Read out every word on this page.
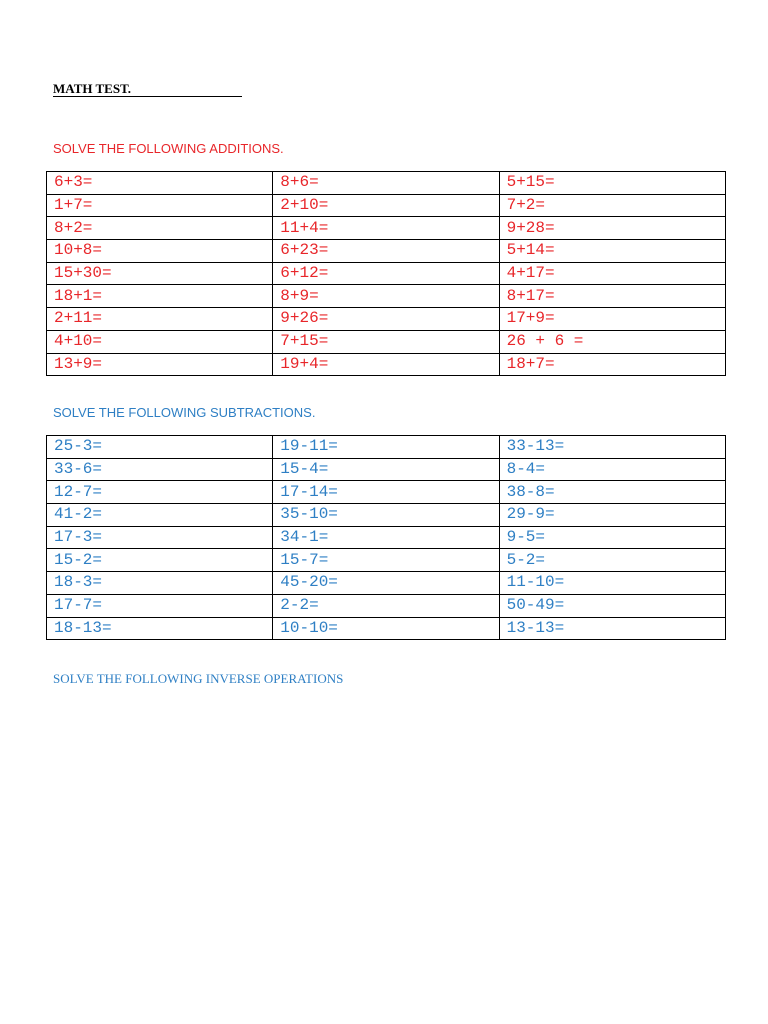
MATH TEST.
SOLVE THE FOLLOWING ADDITIONS.
6+3=	8+6=	5+15=
1+7=	2+10=	7+2=
8+2=	11+4=	9+28=
10+8=	6+23=	5+14=
15+30=	6+12=	4+17=
18+1=	8+9=	8+17=
2+11=	9+26=	17+9=
4+10=	7+15=	26 + 6 =
13+9=	19+4=	18+7=
SOLVE THE FOLLOWING SUBTRACTIONS.
25-3=	19-11=	33-13=
33-6=	15-4=	8-4=
12-7=	17-14=	38-8=
41-2=	35-10=	29-9=
17-3=	34-1=	9-5=
15-2=	15-7=	5-2=
18-3=	45-20=	11-10=
17-7=	2-2=	50-49=
18-13=	10-10=	13-13=
SOLVE THE FOLLOWING INVERSE OPERATIONS
